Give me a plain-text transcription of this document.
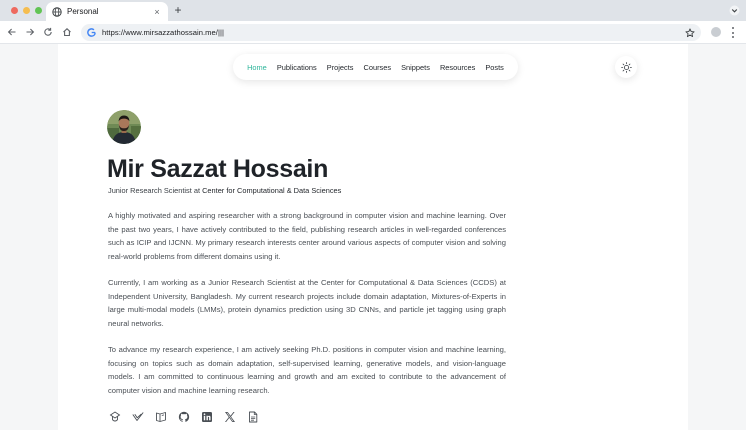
Personal	× +
https://www.mirsazzathossain.me/|||
Home Publications Projects Courses Snippets Resources Posts
Mir Sazzat Hossain
Junior Research Scientist at Center for Computational & Data Sciences

A highly motivated and aspiring researcher with a strong background in computer vision and machine learning. Over the past two years, I have actively contributed to the field, publishing research articles in well-regarded conferences such as ICIP and IJCNN. My primary research interests center around various aspects of computer vision and solving real-world problems from different domains using it.

Currently, I am working as a Junior Research Scientist at the Center for Computational & Data Sciences (CCDS) at Independent University, Bangladesh. My current research projects include domain adaptation, Mixtures-of-Experts in large multi-modal models (LMMs), protein dynamics prediction using 3D CNNs, and particle jet tagging using graph neural networks.

To advance my research experience, I am actively seeking Ph.D. positions in computer vision and machine learning, focusing on topics such as domain adaptation, self-supervised learning, generative models, and vision-language models. I am committed to continuous learning and growth and am excited to contribute to the advancement of computer vision and machine learning research.
